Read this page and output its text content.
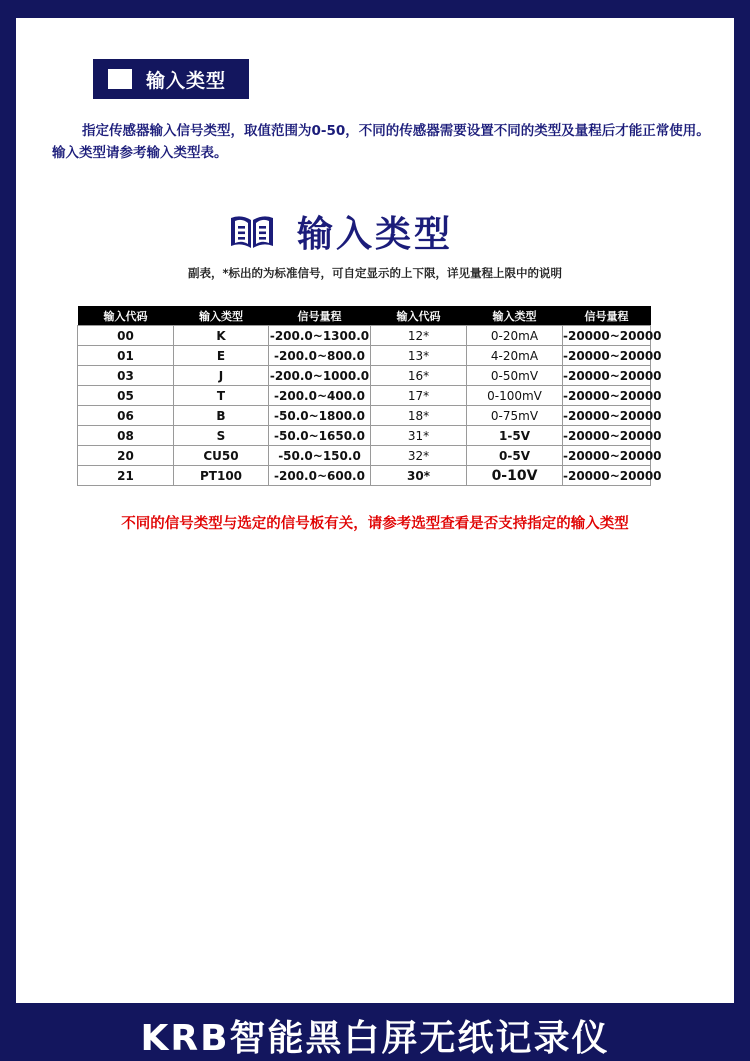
输入类型
指定传感器输入信号类型，取值范围为0-50，不同的传感器需要设置不同的类型及量程后才能正常使用。输入类型请参考输入类型表。
输入类型
副表，*标出的为标准信号，可自定显示的上下限，详见量程上限中的说明
输入代码	输入类型	信号量程	输入代码	输入类型	信号量程
00	K	-200.0~1300.0	12*	0-20mA	-20000~20000
01	E	-200.0~800.0	13*	4-20mA	-20000~20000
03	J	-200.0~1000.0	16*	0-50mV	-20000~20000
05	T	-200.0~400.0	17*	0-100mV	-20000~20000
06	B	-50.0~1800.0	18*	0-75mV	-20000~20000
08	S	-50.0~1650.0	31*	1-5V	-20000~20000
20	CU50	-50.0~150.0	32*	0-5V	-20000~20000
21	PT100	-200.0~600.0	30*	0-10V	-20000~20000
不同的信号类型与选定的信号板有关，请参考选型查看是否支持指定的输入类型
KRB智能黑白屏无纸记录仪
